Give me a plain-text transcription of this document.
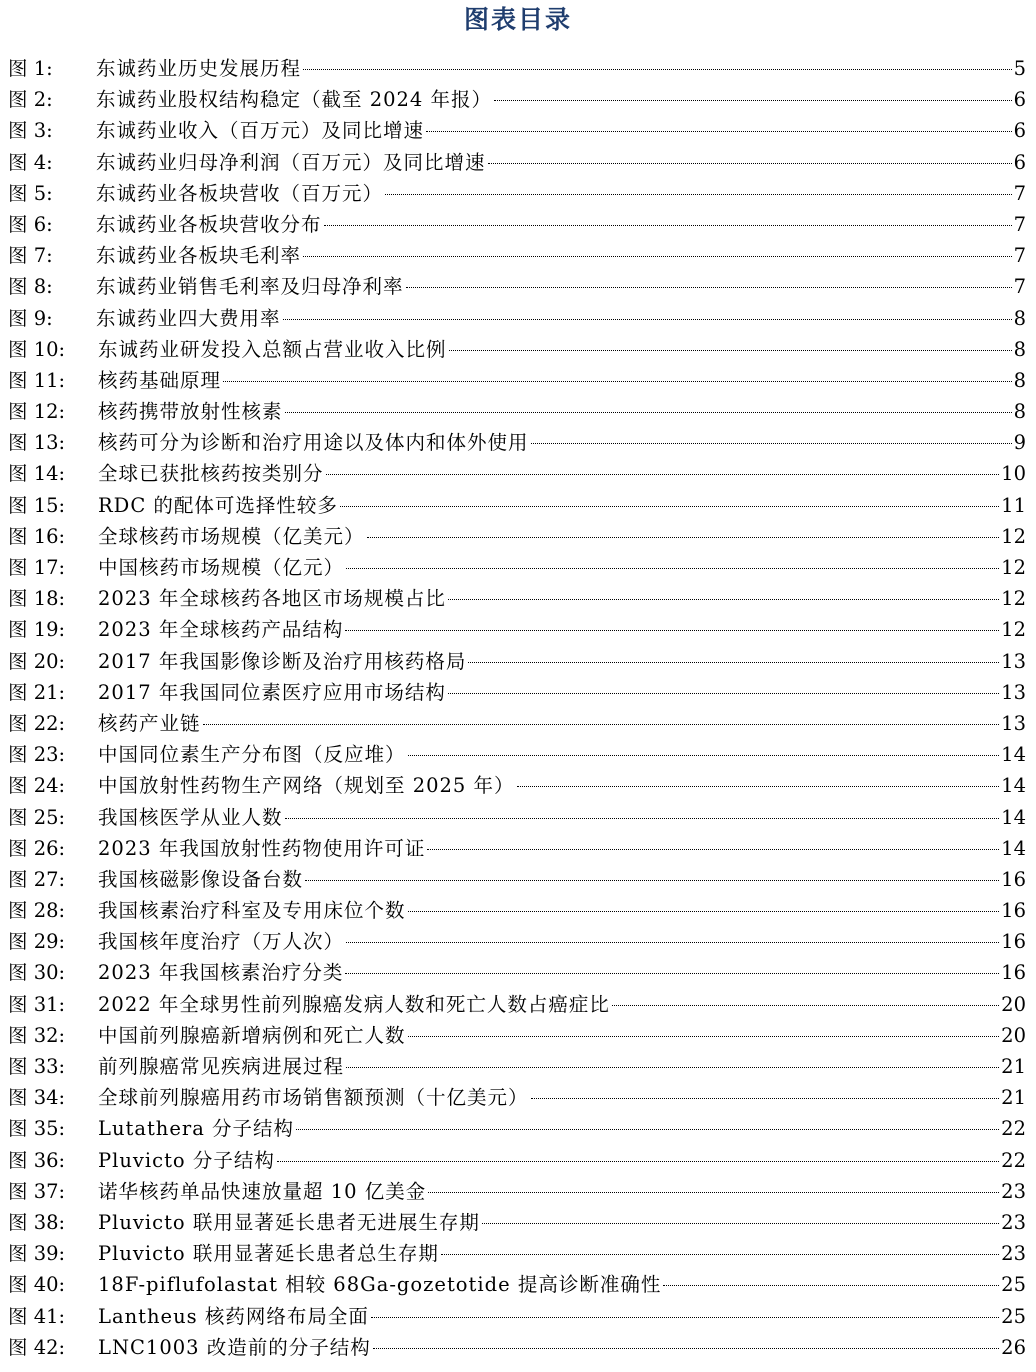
图表目录
图 1:	东诚药业历史发展历程	5
图 2:	东诚药业股权结构稳定（截至 2024 年报）	6
图 3:	东诚药业收入（百万元）及同比增速	6
图 4:	东诚药业归母净利润（百万元）及同比增速	6
图 5:	东诚药业各板块营收（百万元）	7
图 6:	东诚药业各板块营收分布	7
图 7:	东诚药业各板块毛利率	7
图 8:	东诚药业销售毛利率及归母净利率	7
图 9:	东诚药业四大费用率	8
图 10:	东诚药业研发投入总额占营业收入比例	8
图 11:	核药基础原理	8
图 12:	核药携带放射性核素	8
图 13:	核药可分为诊断和治疗用途以及体内和体外使用	9
图 14:	全球已获批核药按类别分	10
图 15:	RDC 的配体可选择性较多	11
图 16:	全球核药市场规模（亿美元）	12
图 17:	中国核药市场规模（亿元）	12
图 18:	2023 年全球核药各地区市场规模占比	12
图 19:	2023 年全球核药产品结构	12
图 20:	2017 年我国影像诊断及治疗用核药格局	13
图 21:	2017 年我国同位素医疗应用市场结构	13
图 22:	核药产业链	13
图 23:	中国同位素生产分布图（反应堆）	14
图 24:	中国放射性药物生产网络（规划至 2025 年）	14
图 25:	我国核医学从业人数	14
图 26:	2023 年我国放射性药物使用许可证	14
图 27:	我国核磁影像设备台数	16
图 28:	我国核素治疗科室及专用床位个数	16
图 29:	我国核年度治疗（万人次）	16
图 30:	2023 年我国核素治疗分类	16
图 31:	2022 年全球男性前列腺癌发病人数和死亡人数占癌症比	20
图 32:	中国前列腺癌新增病例和死亡人数	20
图 33:	前列腺癌常见疾病进展过程	21
图 34:	全球前列腺癌用药市场销售额预测（十亿美元）	21
图 35:	Lutathera 分子结构	22
图 36:	Pluvicto 分子结构	22
图 37:	诺华核药单品快速放量超 10 亿美金	23
图 38:	Pluvicto 联用显著延长患者无进展生存期	23
图 39:	Pluvicto 联用显著延长患者总生存期	23
图 40:	18F-piflufolastat 相较 68Ga-gozetotide 提高诊断准确性	25
图 41:	Lantheus 核药网络布局全面	25
图 42:	LNC1003 改造前的分子结构	26
